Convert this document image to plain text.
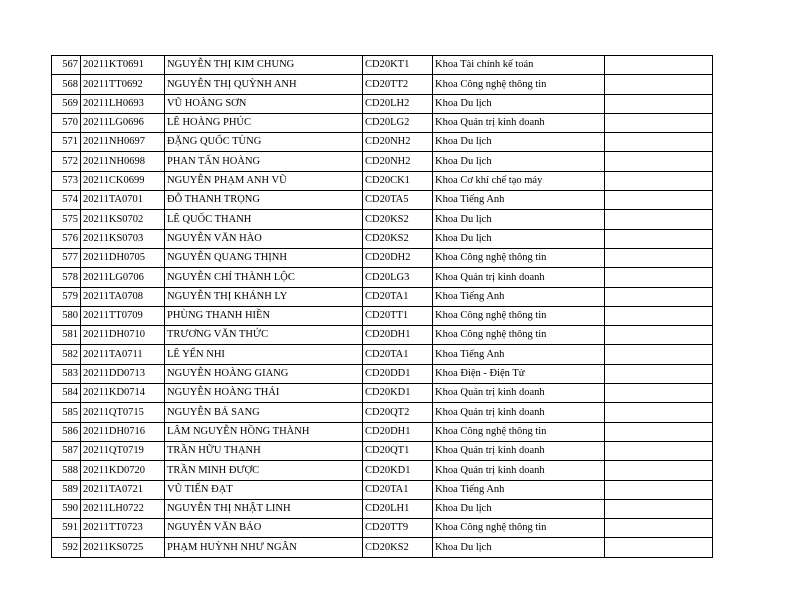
567	20211KT0691	NGUYỄN THỊ KIM CHUNG	CD20KT1	Khoa Tài chính kế toán	
568	20211TT0692	NGUYỄN THỊ QUỲNH ANH	CD20TT2	Khoa Công nghệ thông tin	
569	20211LH0693	VŨ HOÀNG SƠN	CD20LH2	Khoa Du lịch	
570	20211LG0696	LÊ HOÀNG PHÚC	CD20LG2	Khoa Quản trị kinh doanh	
571	20211NH0697	ĐẶNG QUỐC TÙNG	CD20NH2	Khoa Du lịch	
572	20211NH0698	PHAN TẤN HOÀNG	CD20NH2	Khoa Du lịch	
573	20211CK0699	NGUYỄN PHẠM ANH VŨ	CD20CK1	Khoa Cơ khí chế tạo máy	
574	20211TA0701	ĐỖ THANH TRỌNG	CD20TA5	Khoa Tiếng Anh	
575	20211KS0702	LÊ QUỐC THANH	CD20KS2	Khoa Du lịch	
576	20211KS0703	NGUYỄN VĂN HÀO	CD20KS2	Khoa Du lịch	
577	20211DH0705	NGUYỄN QUANG THỊNH	CD20DH2	Khoa Công nghệ thông tin	
578	20211LG0706	NGUYỄN CHÍ THÀNH LỘC	CD20LG3	Khoa Quản trị kinh doanh	
579	20211TA0708	NGUYỄN THỊ KHÁNH LY	CD20TA1	Khoa Tiếng Anh	
580	20211TT0709	PHÙNG THANH HIỀN	CD20TT1	Khoa Công nghệ thông tin	
581	20211DH0710	TRƯƠNG VĂN THỨC	CD20DH1	Khoa Công nghệ thông tin	
582	20211TA0711	LÊ YẾN NHI	CD20TA1	Khoa Tiếng Anh	
583	20211DD0713	NGUYỄN HOÀNG GIANG	CD20DD1	Khoa Điện - Điện Tử	
584	20211KD0714	NGUYỄN HOÀNG THÁI	CD20KD1	Khoa Quản trị kinh doanh	
585	20211QT0715	NGUYỄN BÁ SANG	CD20QT2	Khoa Quản trị kinh doanh	
586	20211DH0716	LÂM NGUYỄN HỒNG THÀNH	CD20DH1	Khoa Công nghệ thông tin	
587	20211QT0719	TRẦN HỮU THẠNH	CD20QT1	Khoa Quản trị kinh doanh	
588	20211KD0720	TRẦN MINH ĐƯỢC	CD20KD1	Khoa Quản trị kinh doanh	
589	20211TA0721	VŨ TIẾN ĐẠT	CD20TA1	Khoa Tiếng Anh	
590	20211LH0722	NGUYỄN THỊ NHẬT LINH	CD20LH1	Khoa Du lịch	
591	20211TT0723	NGUYỄN VĂN BẢO	CD20TT9	Khoa Công nghệ thông tin	
592	20211KS0725	PHẠM HUỲNH NHƯ NGÂN	CD20KS2	Khoa Du lịch	
